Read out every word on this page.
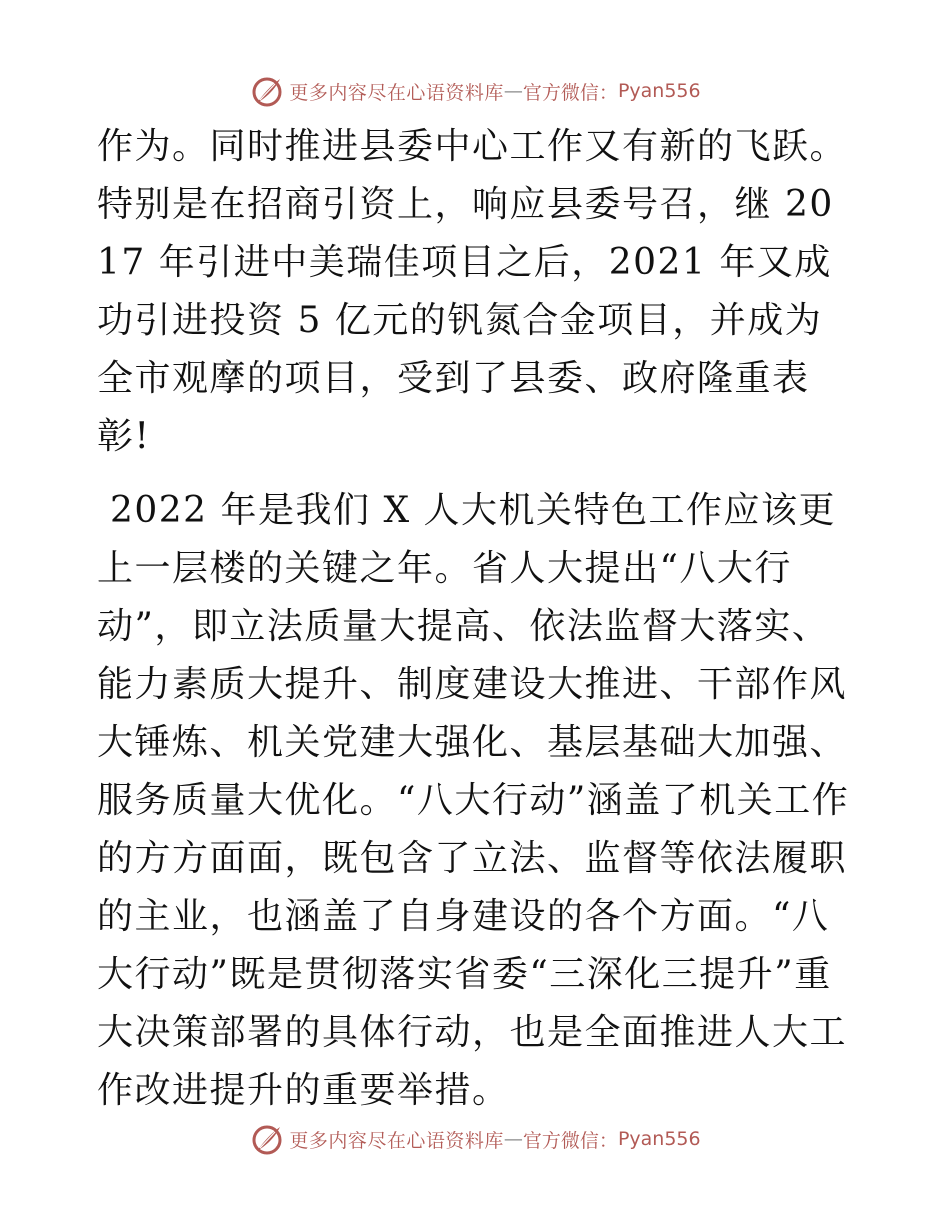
更多内容尽在心语资料库 — 官方微信： Pyan556

作为。同时推进县委中心工作又有新的飞跃。特别是在招商引资上，响应县委号召，继 2017 年引进中美瑞佳项目之后，2021 年又成功引进投资 5 亿元的钒氮合金项目，并成为全市观摩的项目，受到了县委、政府隆重表彰!

2022 年是我们 X 人大机关特色工作应该更上一层楼的关键之年。省人大提出“八大行动”，即立法质量大提高、依法监督大落实、能力素质大提升、制度建设大推进、干部作风大锤炼、机关党建大强化、基层基础大加强、服务质量大优化。“八大行动”涵盖了机关工作的方方面面，既包含了立法、监督等依法履职的主业，也涵盖了自身建设的各个方面。“八大行动”既是贯彻落实省委“三深化三提升”重大决策部署的具体行动，也是全面推进人大工作改进提升的重要举措。

更多内容尽在心语资料库 — 官方微信： Pyan556
